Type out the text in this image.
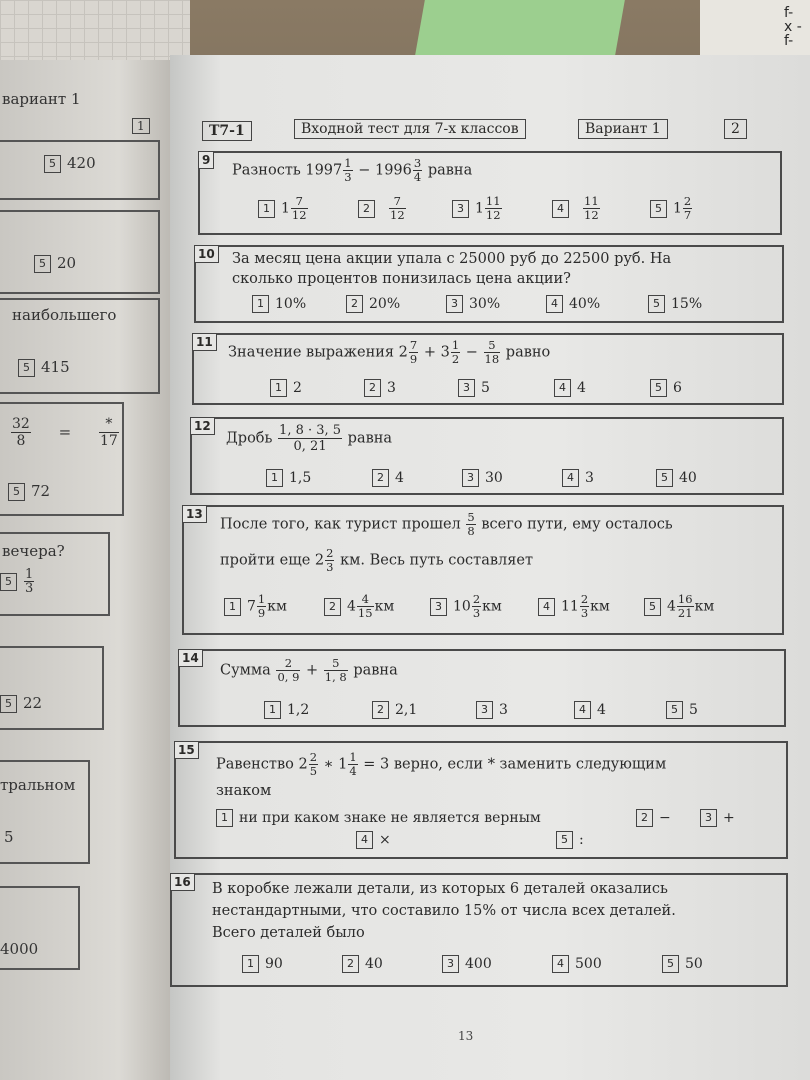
f- x - f-
вариант 1
1
5 420
5 20
наибольшего
5 415
$\frac{32}{8} = \frac{*}{17}$
5 72
вечера?
$5 \frac{1}{3}$
5 22
тральном
5
4000
Т7-1	Входной тест для 7-х классов	Вариант 1	2
9
Разность $1997 \frac{1}{3} - 1996 \frac{3}{4}$ равна
1 $1 \frac{7}{12}$	$2 \frac{7}{12}$	3 $1 \frac{11}{12}$	$4 \frac{11}{12}$	5 $1 \frac{2}{7}$
10 За месяц цена акции упала с 25000 руб до 22500 руб. На
сколько процентов понизилась цена акции?
1 10%	2 20%	3 30%	4 40%	5 15%
11
Значение выражения $2 \frac{7}{9} + 3 \frac{1}{2} - \frac{5}{18}$ равно
1 2	2 3	3 5	4 4	5 6
12
Дробь $\frac{1, 8 \cdot 3, 5}{0, 21}$ равна
1 1,5	2 4	3 30	4 3	5 40
13
После того, как турист прошел $\frac{5}{8}$ всего пути, ему осталось
пройти еще $2 \frac{2}{3}$ км. Весь путь составляет
1 $7 \frac{1}{9}$ км	2 $4 \frac{4}{15}$ км	3 $10 \frac{2}{3}$ км	4 $11 \frac{2}{3}$ км	5 $4 \frac{16}{21}$ км
14
Сумма $\frac{2}{0, 9} + \frac{5}{1, 8}$ равна
1 1,2	2 2,1	3 3	4 4	5 5
15
Равенство $2 \frac{2}{5}$ ∗ $1 \frac{1}{4} = 3$ верно, если * заменить следующим
знаком
1 ни при каком знаке не является верным	2 −	3 +
4 ×	5 :
16 В коробке лежали детали, из которых 6 деталей оказались
нестандартными, что составило 15% от числа всех деталей.
Всего деталей было
1 90	2 40	3 400	4 500	5 50
13
